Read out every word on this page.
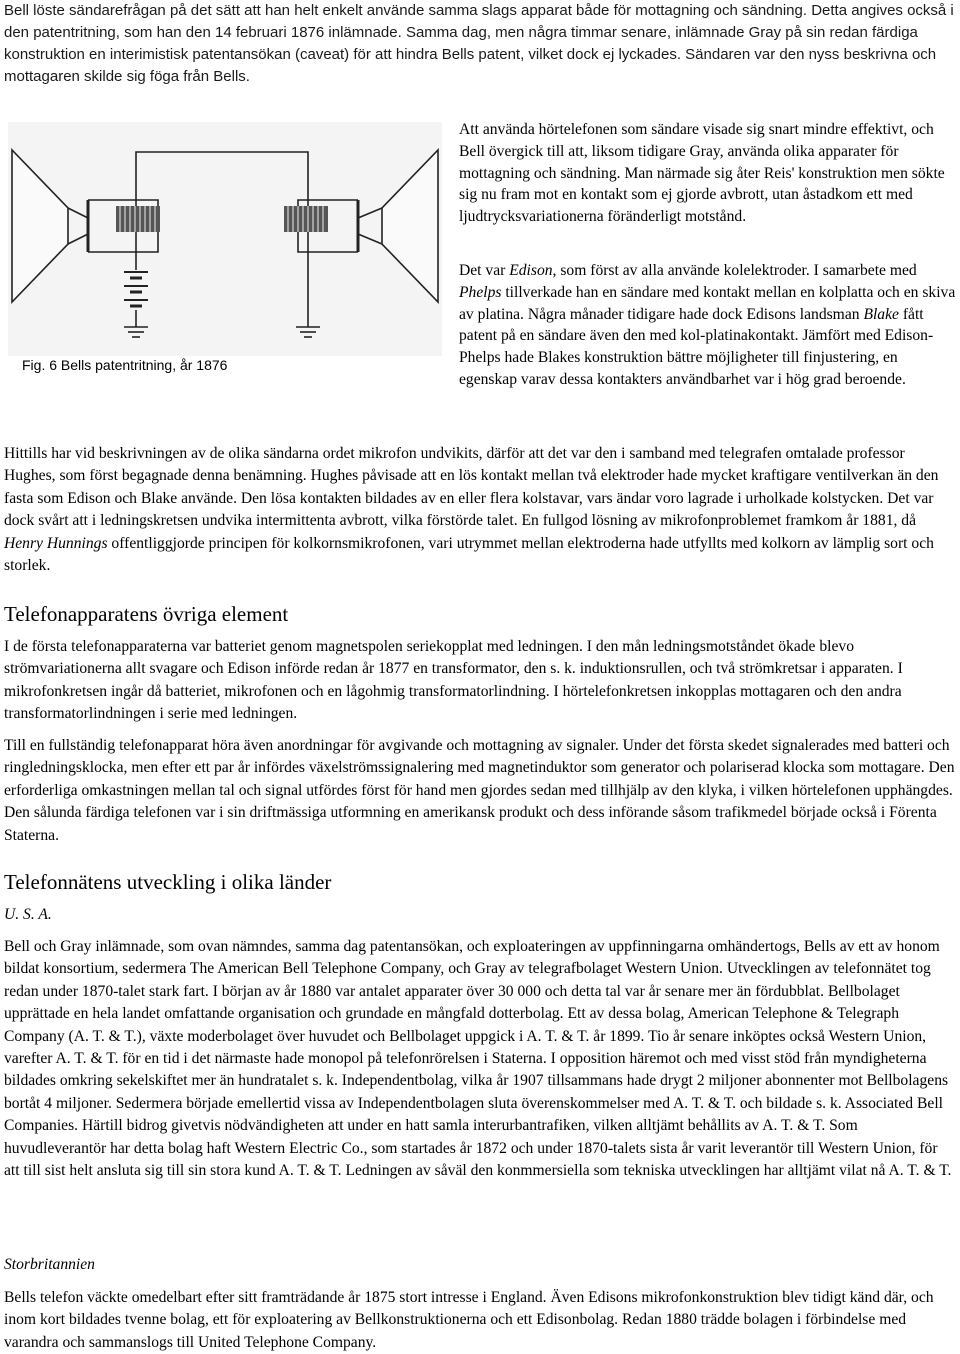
Bell löste sändarefrågan på det sätt att han helt enkelt använde samma slags apparat både för mottagning och sändning. Detta angives också i den patentritning, som han den 14 februari 1876 inlämnade. Samma dag, men några timmar senare, inlämnade Gray på sin redan färdiga konstruktion en interimistisk patentansökan (caveat) för att hindra Bells patent, vilket dock ej lyckades. Sändaren var den nyss beskrivna och mottagaren skilde sig föga från Bells.

Fig. 6 Bells patentritning, år 1876

Att använda hörtelefonen som sändare visade sig snart mindre effektivt, och Bell övergick till att, liksom tidigare Gray, använda olika apparater för mottagning och sändning. Man närmade sig åter Reis' konstruktion men sökte sig nu fram mot en kontakt som ej gjorde avbrott, utan åstadkom ett med ljudtrycksvariationerna föränderligt motstånd.

Det var Edison, som först av alla använde kolelektroder. I samarbete med Phelps tillverkade han en sändare med kontakt mellan en kolplatta och en skiva av platina. Några månader tidigare hade dock Edisons landsman Blake fått patent på en sändare även den med kol-platinakontakt. Jämfört med Edison-Phelps hade Blakes konstruktion bättre möjligheter till finjustering, en egenskap varav dessa kontakters användbarhet var i hög grad beroende.

Hittills har vid beskrivningen av de olika sändarna ordet mikrofon undvikits, därför att det var den i samband med telegrafen omtalade professor Hughes, som först begagnade denna benämning. Hughes påvisade att en lös kontakt mellan två elektroder hade mycket kraftigare ventilverkan än den fasta som Edison och Blake använde. Den lösa kontakten bildades av en eller flera kolstavar, vars ändar voro lagrade i urholkade kolstycken. Det var dock svårt att i ledningskretsen undvika intermittenta avbrott, vilka förstörde talet. En fullgod lösning av mikrofonproblemet framkom år 1881, då Henry Hunnings offentliggjorde principen för kolkornsmikrofonen, vari utrymmet mellan elektroderna hade utfyllts med kolkorn av lämplig sort och storlek.

Telefonapparatens övriga element

I de första telefonapparaterna var batteriet genom magnetspolen seriekopplat med ledningen. I den mån ledningsmotståndet ökade blevo strömvariationerna allt svagare och Edison införde redan år 1877 en transformator, den s. k. induktionsrullen, och två strömkretsar i apparaten. I mikrofonkretsen ingår då batteriet, mikrofonen och en lågohmig transformatorlindning. I hörtelefonkretsen inkopplas mottagaren och den andra transformatorlindningen i serie med ledningen.

Till en fullständig telefonapparat höra även anordningar för avgivande och mottagning av signaler. Under det första skedet signalerades med batteri och ringledningsklocka, men efter ett par år infördes växelströmssignalering med magnetinduktor som generator och polariserad klocka som mottagare. Den erforderliga omkastningen mellan tal och signal utfördes först för hand men gjordes sedan med tillhjälp av den klyka, i vilken hörtelefonen upphängdes. Den sålunda färdiga telefonen var i sin driftmässiga utformning en amerikansk produkt och dess införande såsom trafikmedel började också i Förenta Staterna.

Telefonnätens utveckling i olika länder

U. S. A.

Bell och Gray inlämnade, som ovan nämndes, samma dag patentansökan, och exploateringen av uppfinningarna omhändertogs, Bells av ett av honom bildat konsortium, sedermera The American Bell Telephone Company, och Gray av telegrafbolaget Western Union. Utvecklingen av telefonnätet tog redan under 1870-talet stark fart. I början av år 1880 var antalet apparater över 30 000 och detta tal var år senare mer än fördubblat. Bellbolaget upprättade en hela landet omfattande organisation och grundade en mångfald dotterbolag. Ett av dessa bolag, American Telephone & Telegraph Company (A. T. & T.), växte moderbolaget över huvudet och Bellbolaget uppgick i A. T. & T. år 1899. Tio år senare inköptes också Western Union, varefter A. T. & T. för en tid i det närmaste hade monopol på telefonrörelsen i Staterna. I opposition häremot och med visst stöd från myndigheterna bildades omkring sekelskiftet mer än hundratalet s. k. Independentbolag, vilka år 1907 tillsammans hade drygt 2 miljoner abonnenter mot Bellbolagens bortåt 4 miljoner. Sedermera började emellertid vissa av Independentbolagen sluta överenskommelser med A. T. & T. och bildade s. k. Associated Bell Companies. Härtill bidrog givetvis nödvändigheten att under en hatt samla interurbantrafiken, vilken alltjämt behållits av A. T. & T. Som huvudleverantör har detta bolag haft Western Electric Co., som startades år 1872 och under 1870-talets sista år varit leverantör till Western Union, för att till sist helt ansluta sig till sin stora kund A. T. & T. Ledningen av såväl den konmmersiella som tekniska utvecklingen har alltjämt vilat nå A. T. & T.

Storbritannien

Bells telefon väckte omedelbart efter sitt framträdande år 1875 stort intresse i England. Även Edisons mikrofonkonstruktion blev tidigt känd där, och inom kort bildades tvenne bolag, ett för exploatering av Bellkonstruktionerna och ett Edisonbolag. Redan 1880 trädde bolagen i förbindelse med varandra och sammanslogs till United Telephone Company.
